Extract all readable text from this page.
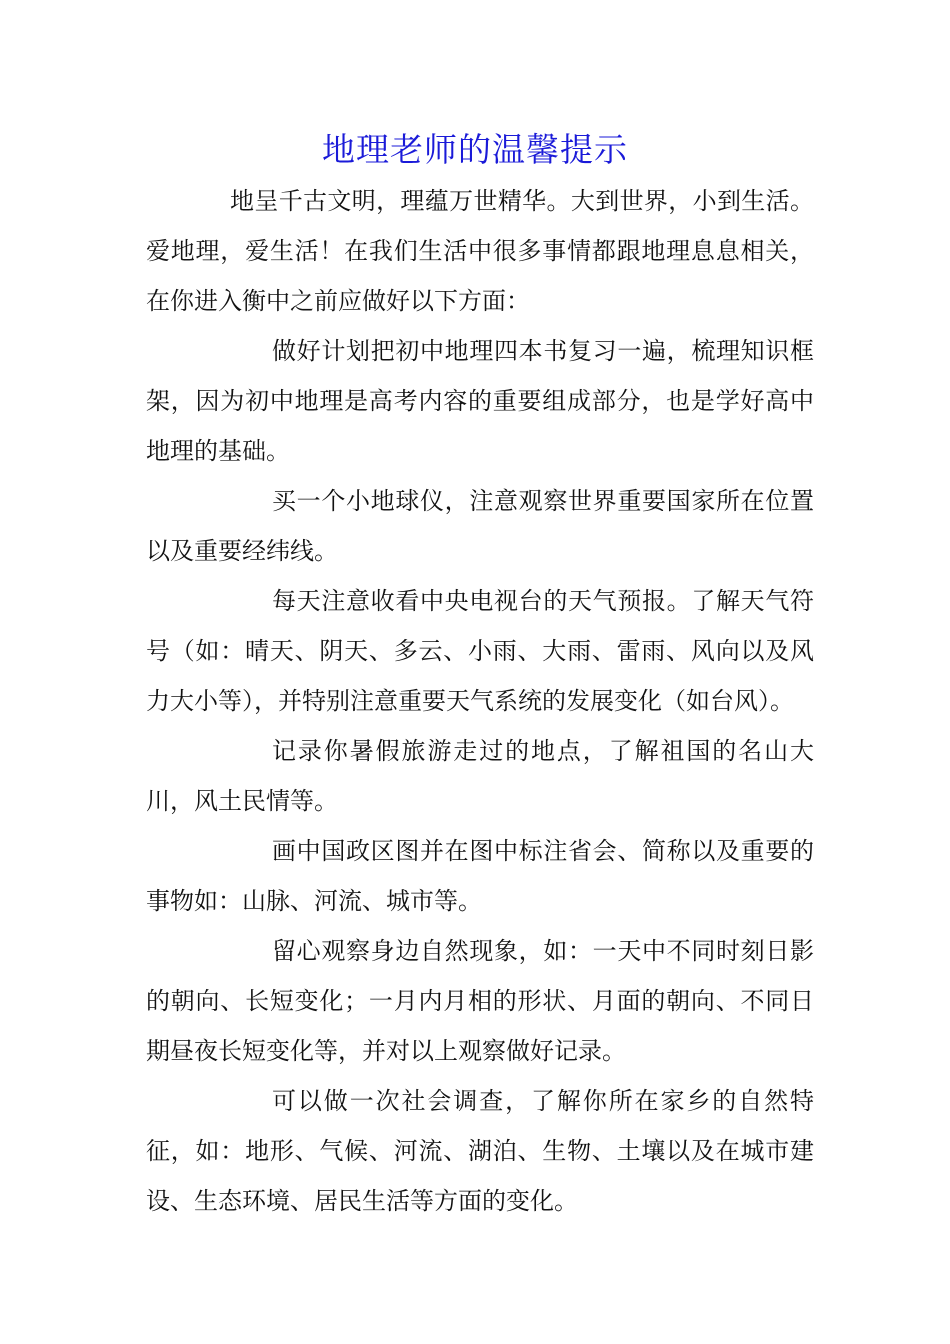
地理老师的温馨提示

地呈千古文明，理蕴万世精华。大到世界，小到生活。爱地理，爱生活！在我们生活中很多事情都跟地理息息相关，在你进入衡中之前应做好以下方面：

做好计划把初中地理四本书复习一遍，梳理知识框架，因为初中地理是高考内容的重要组成部分，也是学好高中地理的基础。

买一个小地球仪，注意观察世界重要国家所在位置以及重要经纬线。

每天注意收看中央电视台的天气预报。了解天气符号（如：晴天、阴天、多云、小雨、大雨、雷雨、风向以及风力大小等），并特别注意重要天气系统的发展变化（如台风）。

记录你暑假旅游走过的地点，了解祖国的名山大川，风土民情等。

画中国政区图并在图中标注省会、简称以及重要的事物如：山脉、河流、城市等。

留心观察身边自然现象，如：一天中不同时刻日影的朝向、长短变化；一月内月相的形状、月面的朝向、不同日期昼夜长短变化等，并对以上观察做好记录。

可以做一次社会调查，了解你所在家乡的自然特征，如：地形、气候、河流、湖泊、生物、土壤以及在城市建设、生态环境、居民生活等方面的变化。
